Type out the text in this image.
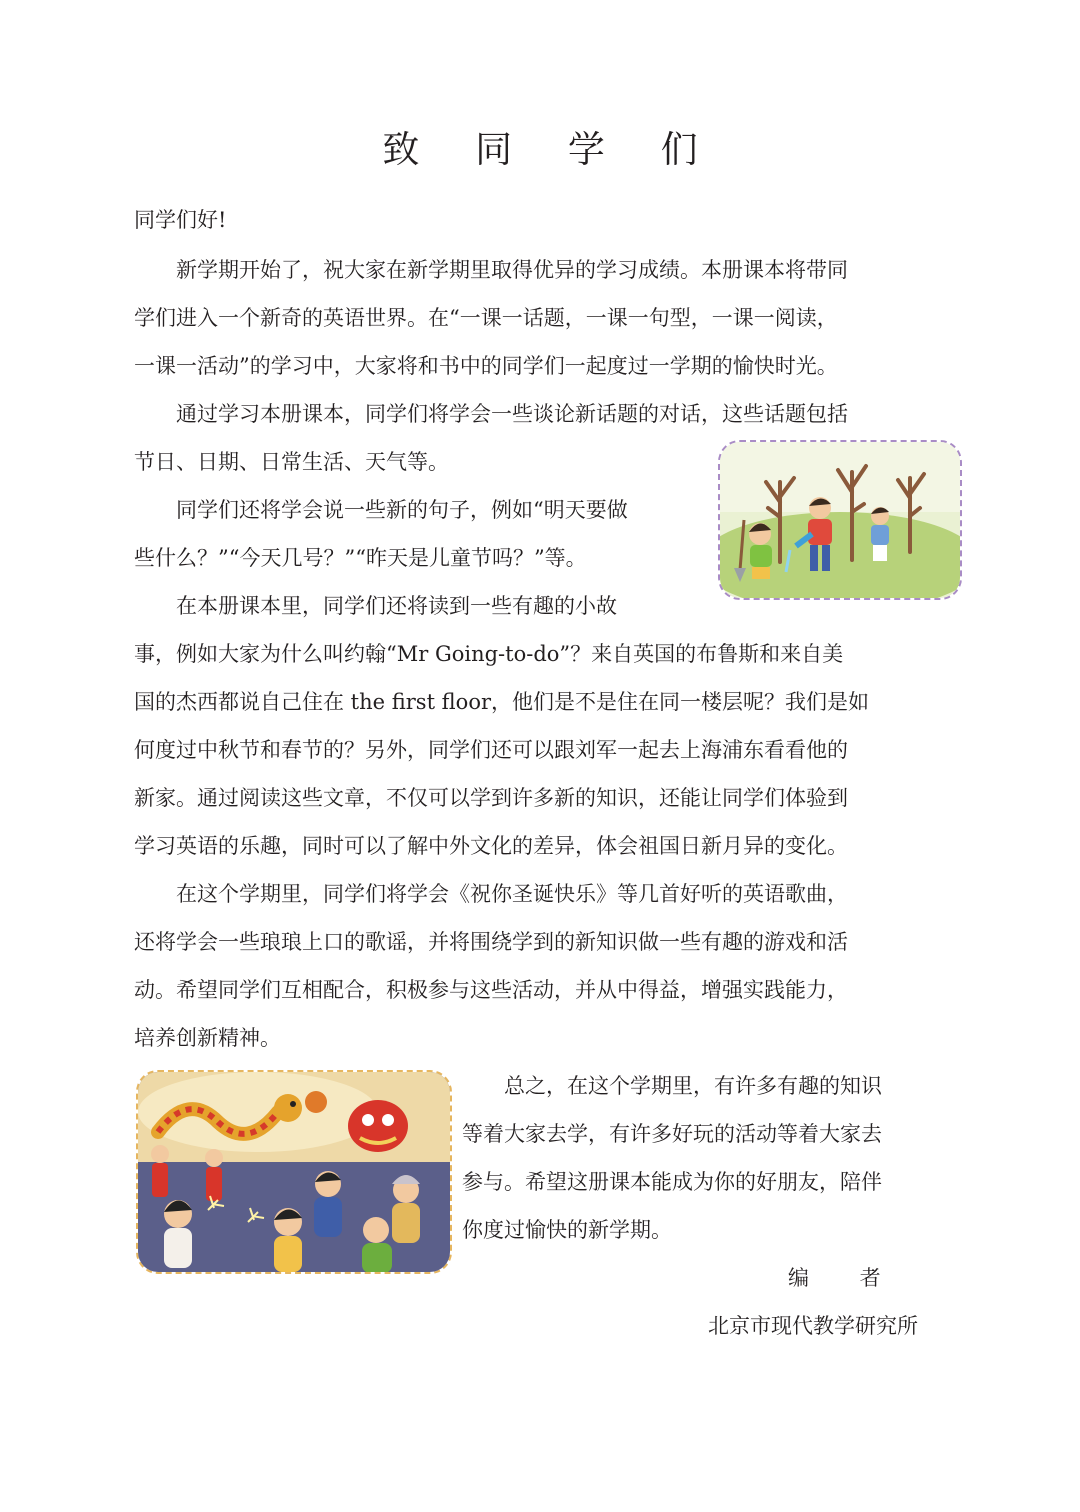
致 同 学 们
同学们好!

新学期开始了，祝大家在新学期里取得优异的学习成绩。本册课本将带同
学们进入一个新奇的英语世界。在“一课一话题，一课一句型，一课一阅读，
一课一活动”的学习中，大家将和书中的同学们一起度过一学期的愉快时光。

通过学习本册课本，同学们将学会一些谈论新话题的对话，这些话题包括
节日、日期、日常生活、天气等。

同学们还将学会说一些新的句子，例如“明天要做
些什么？”“今天几号？”“昨天是儿童节吗？”等。

在本册课本里，同学们还将读到一些有趣的小故
事，例如大家为什么叫约翰“Mr Going-to-do”？来自英国的布鲁斯和来自美
国的杰西都说自己住在 the first floor，他们是不是住在同一楼层呢？我们是如
何度过中秋节和春节的？另外，同学们还可以跟刘军一起去上海浦东看看他的
新家。通过阅读这些文章，不仅可以学到许多新的知识，还能让同学们体验到
学习英语的乐趣，同时可以了解中外文化的差异，体会祖国日新月异的变化。

在这个学期里，同学们将学会《祝你圣诞快乐》等几首好听的英语歌曲，
还将学会一些琅琅上口的歌谣，并将围绕学到的新知识做一些有趣的游戏和活
动。希望同学们互相配合，积极参与这些活动，并从中得益，增强实践能力，
培养创新精神。

总之，在这个学期里，有许多有趣的知识
等着大家去学，有许多好玩的活动等着大家去
参与。希望这册课本能成为你的好朋友，陪伴
你度过愉快的新学期。

编 者
北京市现代教学研究所
